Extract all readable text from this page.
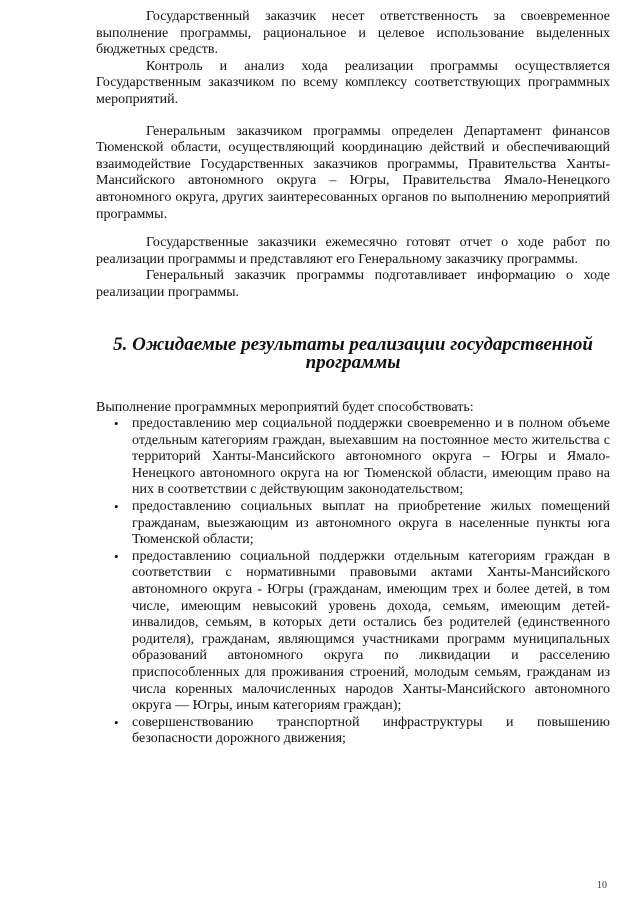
Государственный заказчик несет ответственность за своевременное выполнение программы, рациональное и целевое использование выделенных бюджетных средств.

Контроль и анализ хода реализации программы осуществляется Государственным заказчиком по всему комплексу соответствующих программных мероприятий.

Генеральным заказчиком программы определен Департамент финансов Тюменской области, осуществляющий координацию действий и обеспечивающий взаимодействие Государственных заказчиков программы, Правительства Ханты-Мансийского автономного округа – Югры, Правительства Ямало-Ненецкого автономного округа, других заинтересованных органов по выполнению мероприятий программы.

Государственные заказчики ежемесячно готовят отчет о ходе работ по реализации программы и представляют его Генеральному заказчику программы.

Генеральный заказчик программы подготавливает информацию о ходе реализации программы.

5. Ожидаемые результаты реализации государственной программы

Выполнение программных мероприятий будет способствовать:

• предоставлению мер социальной поддержки своевременно и в полном объеме отдельным категориям граждан, выехавшим на постоянное место жительства с территорий Ханты-Мансийского автономного округа – Югры и Ямало-Ненецкого автономного округа на юг Тюменской области, имеющим право на них в соответствии с действующим законодательством;
• предоставлению социальных выплат на приобретение жилых помещений гражданам, выезжающим из автономного округа в населенные пункты юга Тюменской области;
• предоставлению социальной поддержки отдельным категориям граждан в соответствии с нормативными правовыми актами Ханты-Мансийского автономного округа - Югры (гражданам, имеющим трех и более детей, в том числе, имеющим невысокий уровень дохода, семьям, имеющим детей-инвалидов, семьям, в которых дети остались без родителей (единственного родителя), гражданам, являющимся участниками программ муниципальных образований автономного округа по ликвидации и расселению приспособленных для проживания строений, молодым семьям, гражданам из числа коренных малочисленных народов Ханты-Мансийского автономного округа — Югры, иным категориям граждан);
• совершенствованию транспортной инфраструктуры и повышению безопасности дорожного движения;
10
